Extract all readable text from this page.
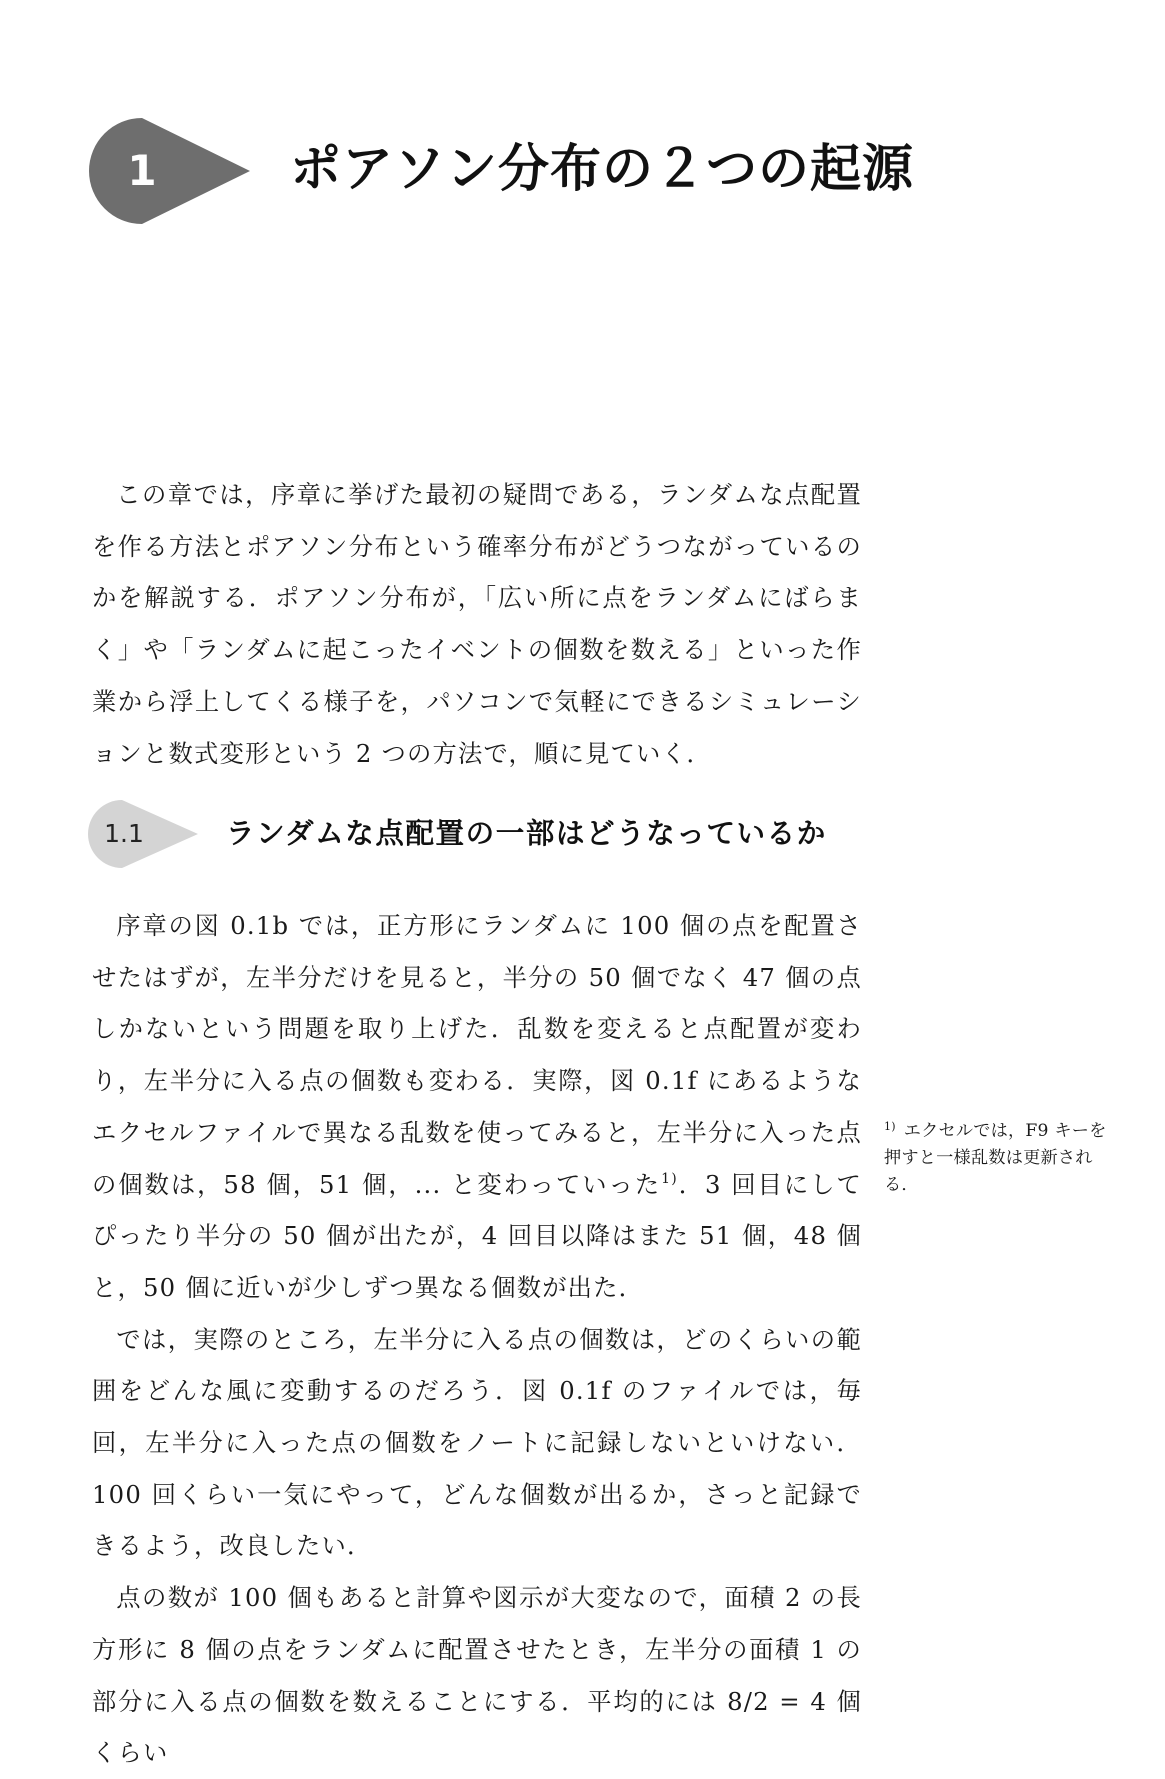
1	ポアソン分布の２つの起源

この章では，序章に挙げた最初の疑問である，ランダムな点配置を作る方法とポアソン分布という確率分布がどうつながっているのかを解説する．ポアソン分布が，「広い所に点をランダムにばらまく」や「ランダムに起こったイベントの個数を数える」といった作業から浮上してくる様子を，パソコンで気軽にできるシミュレーションと数式変形という 2 つの方法で，順に見ていく．

1.1	ランダムな点配置の一部はどうなっているか

序章の図 0.1b では，正方形にランダムに 100 個の点を配置させたはずが，左半分だけを見ると，半分の 50 個でなく 47 個の点しかないという問題を取り上げた．乱数を変えると点配置が変わり，左半分に入る点の個数も変わる．実際，図 0.1f にあるようなエクセルファイルで異なる乱数を使ってみると，左半分に入った点の個数は，58 個，51 個，... と変わっていった$^{1)}$．3 回目にしてぴったり半分の 50 個が出たが，4 回目以降はまた 51 個，48 個と，50 個に近いが少しずつ異なる個数が出た．

では，実際のところ，左半分に入る点の個数は，どのくらいの範囲をどんな風に変動するのだろう．図 0.1f のファイルでは，毎回，左半分に入った点の個数をノートに記録しないといけない．100 回くらい一気にやって，どんな個数が出るか，さっと記録できるよう，改良したい．

点の数が 100 個もあると計算や図示が大変なので，面積 2 の長方形に 8 個の点をランダムに配置させたとき，左半分の面積 1 の部分に入る点の個数を数えることにする．平均的には 8/2 = 4 個くらい

$^{1)}$ エクセルでは，F9 キーを押すと一様乱数は更新される．
